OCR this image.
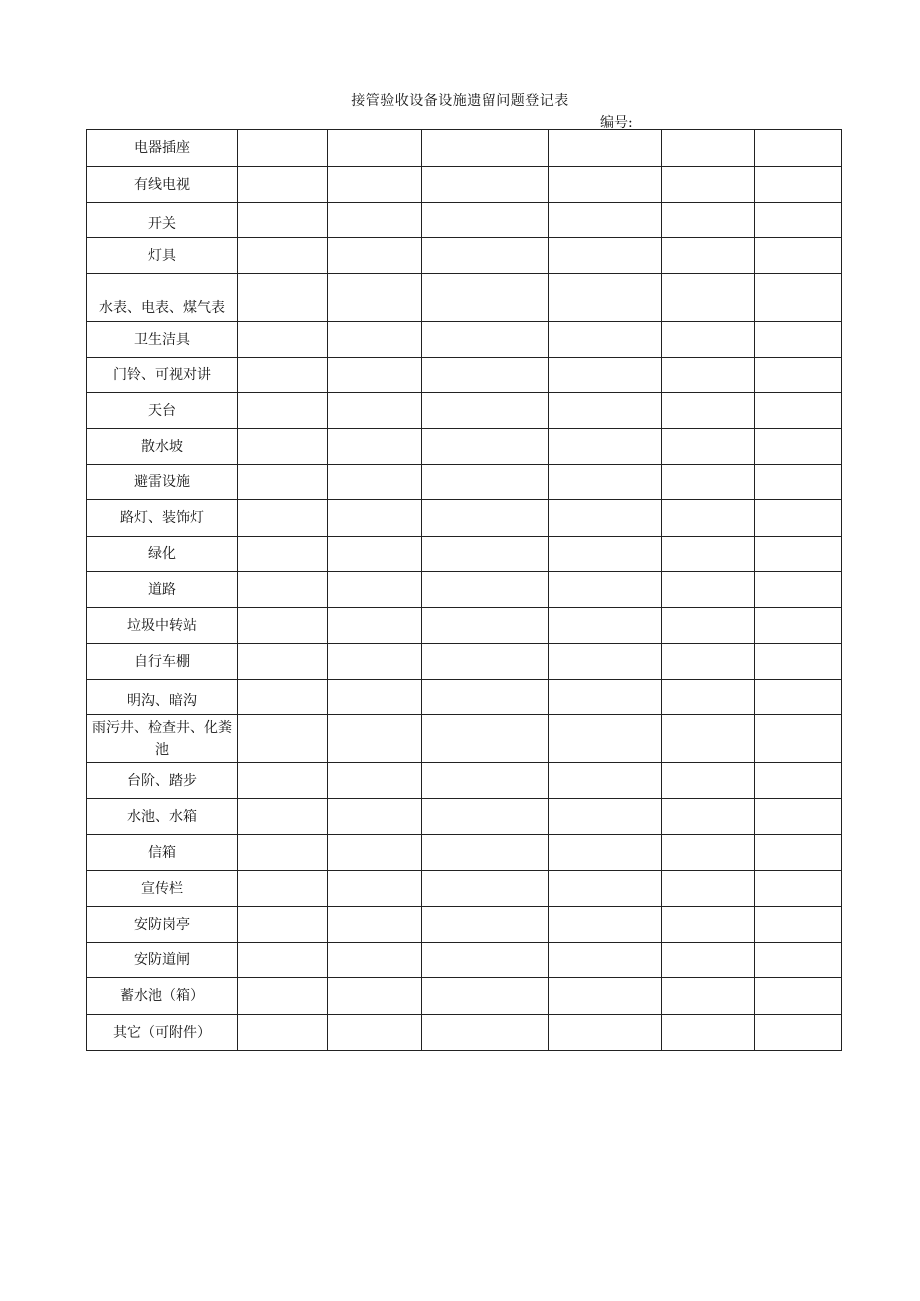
接管验收设备设施遗留问题登记表
编号:
电器插座						
有线电视						
开关						
灯具						
水表、电表、煤气表						
卫生洁具						
门铃、可视对讲						
天台						
散水坡						
避雷设施						
路灯、装饰灯						
绿化						
道路						
垃圾中转站						
自行车棚						
明沟、暗沟						
雨污井、检查井、化粪池						
台阶、踏步						
水池、水箱						
信箱						
宣传栏						
安防岗亭						
安防道闸						
蓄水池（箱）						
其它（可附件）						
